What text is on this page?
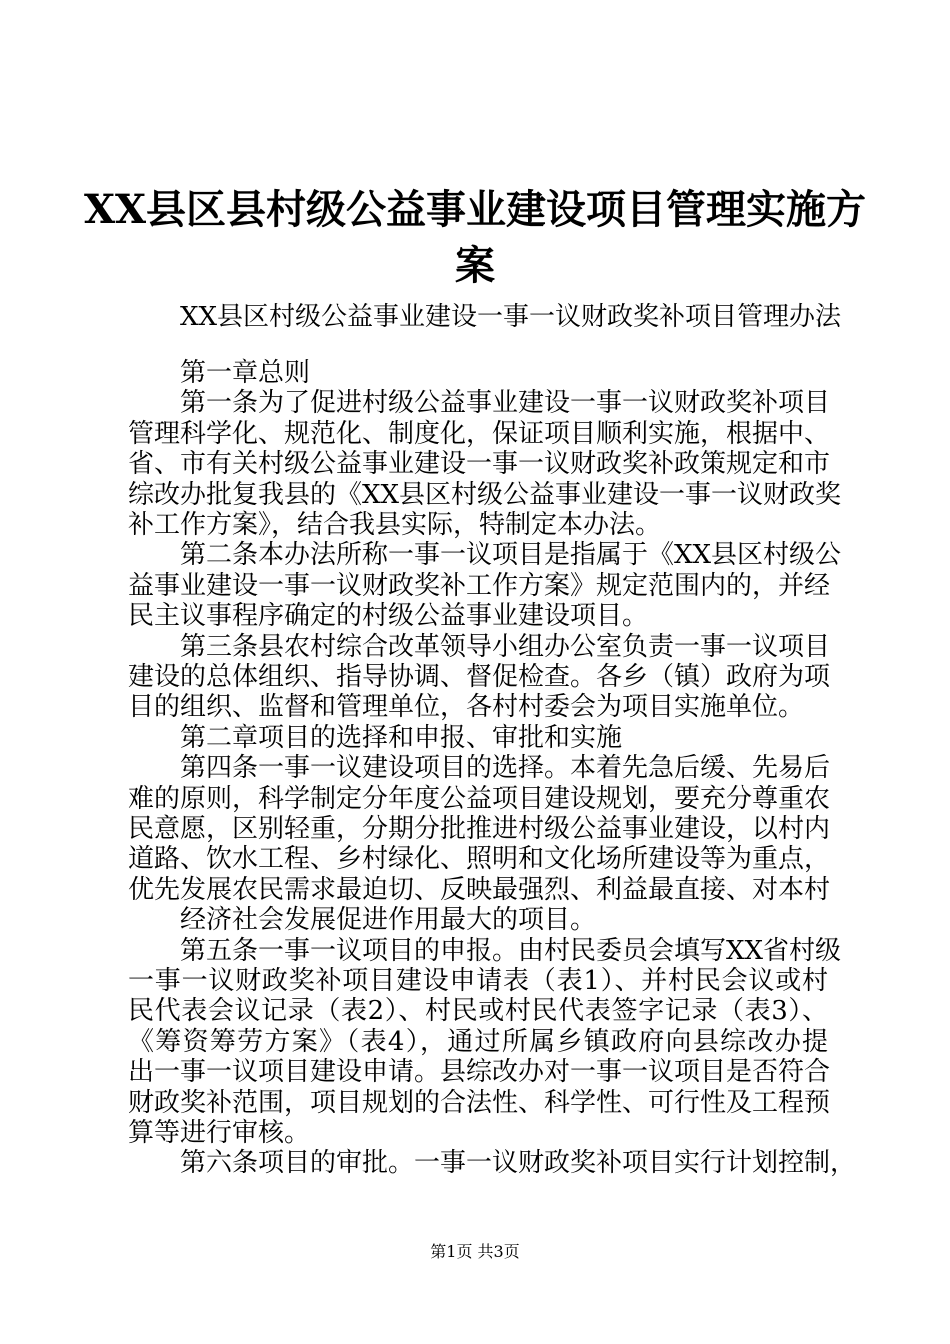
XX县区县村级公益事业建设项目管理实施方
案
XX县区村级公益事业建设一事一议财政奖补项目管理办法
第一章总则
第一条为了促进村级公益事业建设一事一议财政奖补项目
管理科学化、规范化、制度化，保证项目顺利实施，根据中、
省、市有关村级公益事业建设一事一议财政奖补政策规定和市
综改办批复我县的《XX县区村级公益事业建设一事一议财政奖
补工作方案》，结合我县实际，特制定本办法。
第二条本办法所称一事一议项目是指属于《XX县区村级公
益事业建设一事一议财政奖补工作方案》规定范围内的，并经
民主议事程序确定的村级公益事业建设项目。
第三条县农村综合改革领导小组办公室负责一事一议项目
建设的总体组织、指导协调、督促检查。各乡（镇）政府为项
目的组织、监督和管理单位，各村村委会为项目实施单位。
第二章项目的选择和申报、审批和实施
第四条一事一议建设项目的选择。本着先急后缓、先易后
难的原则，科学制定分年度公益项目建设规划，要充分尊重农
民意愿，区别轻重，分期分批推进村级公益事业建设，以村内
道路、饮水工程、乡村绿化、照明和文化场所建设等为重点，
优先发展农民需求最迫切、反映最强烈、利益最直接、对本村
经济社会发展促进作用最大的项目。
第五条一事一议项目的申报。由村民委员会填写XX省村级
一事一议财政奖补项目建设申请表（表1）、并村民会议或村
民代表会议记录（表2）、村民或村民代表签字记录（表3）、
《筹资筹劳方案》（表4），通过所属乡镇政府向县综改办提
出一事一议项目建设申请。县综改办对一事一议项目是否符合
财政奖补范围，项目规划的合法性、科学性、可行性及工程预
算等进行审核。
第1页 共3页
第六条项目的审批。一事一议财政奖补项目实行计划控制，
